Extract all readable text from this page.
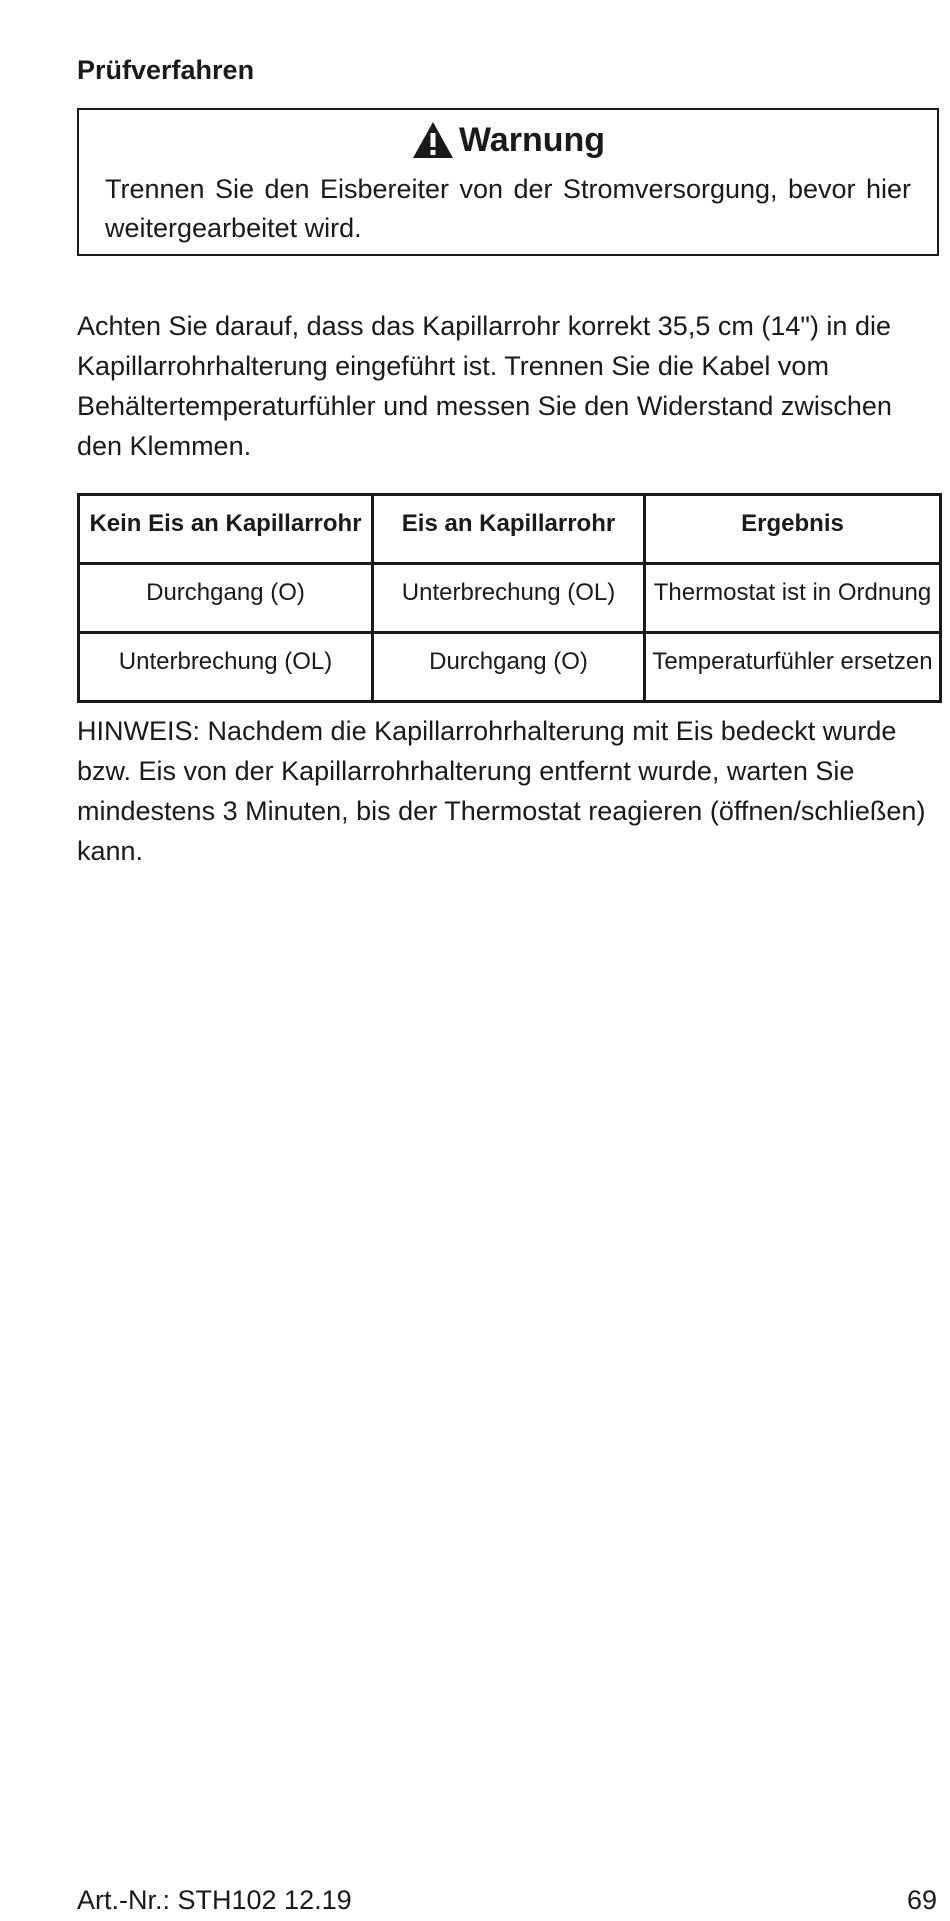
Prüfverfahren
Warnung
Trennen Sie den Eisbereiter von der Stromversorgung, bevor hier weitergearbeitet wird.
Achten Sie darauf, dass das Kapillarrohr korrekt 35,5 cm (14") in die Kapillarrohrhalterung eingeführt ist. Trennen Sie die Kabel vom Behältertemperaturfühler und messen Sie den Widerstand zwischen den Klemmen.
Kein Eis an Kapillarrohr	Eis an Kapillarrohr	Ergebnis
Durchgang (O)	Unterbrechung (OL)	Thermostat ist in Ordnung
Unterbrechung (OL)	Durchgang (O)	Temperaturfühler ersetzen
HINWEIS: Nachdem die Kapillarrohrhalterung mit Eis bedeckt wurde bzw. Eis von der Kapillarrohrhalterung entfernt wurde, warten Sie mindestens 3 Minuten, bis der Thermostat reagieren (öffnen/schließen) kann.
Art.-Nr.: STH102 12.19	69
